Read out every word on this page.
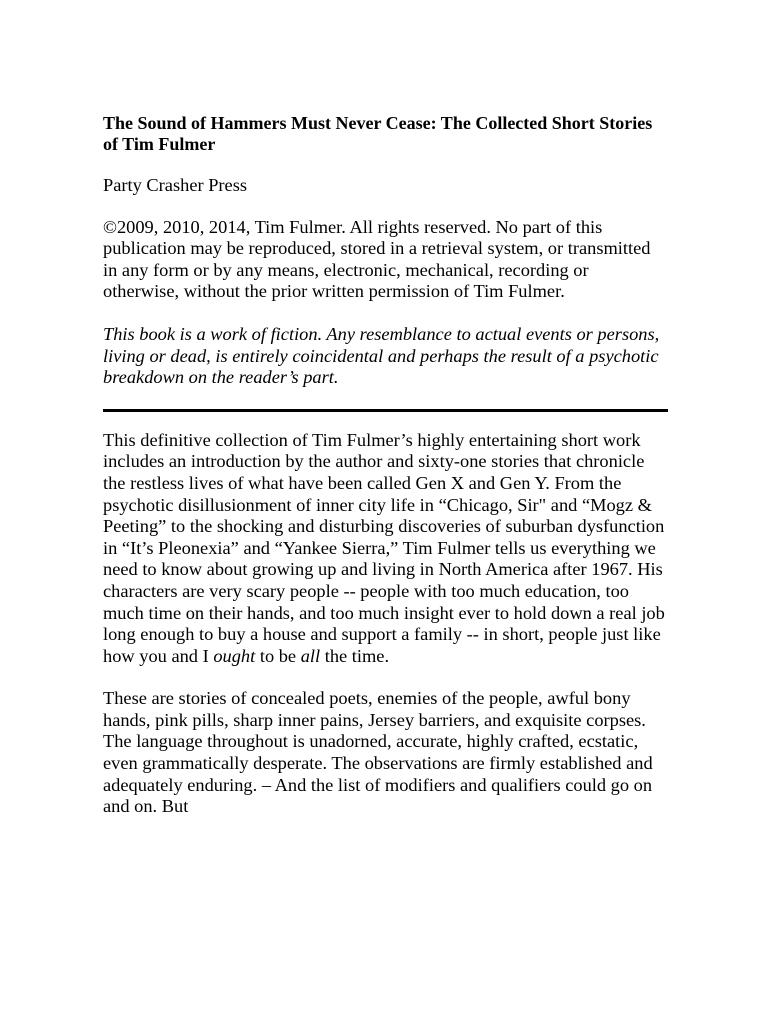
The Sound of Hammers Must Never Cease: The Collected Short Stories of Tim Fulmer
Party Crasher Press
©2009, 2010, 2014, Tim Fulmer. All rights reserved. No part of this publication may be reproduced, stored in a retrieval system, or transmitted in any form or by any means, electronic, mechanical, recording or otherwise, without the prior written permission of Tim Fulmer.
This book is a work of fiction. Any resemblance to actual events or persons, living or dead, is entirely coincidental and perhaps the result of a psychotic breakdown on the reader’s part.
This definitive collection of Tim Fulmer’s highly entertaining short work includes an introduction by the author and sixty-one stories that chronicle the restless lives of what have been called Gen X and Gen Y. From the psychotic disillusionment of inner city life in “Chicago, Sir" and “Mogz & Peeting” to the shocking and disturbing discoveries of suburban dysfunction in “It’s Pleonexia” and “Yankee Sierra,” Tim Fulmer tells us everything we need to know about growing up and living in North America after 1967. His characters are very scary people -- people with too much education, too much time on their hands, and too much insight ever to hold down a real job long enough to buy a house and support a family -- in short, people just like how you and I ought to be all the time.
These are stories of concealed poets, enemies of the people, awful bony hands, pink pills, sharp inner pains, Jersey barriers, and exquisite corpses. The language throughout is unadorned, accurate, highly crafted, ecstatic, even grammatically desperate. The observations are firmly established and adequately enduring. – And the list of modifiers and qualifiers could go on and on. But
